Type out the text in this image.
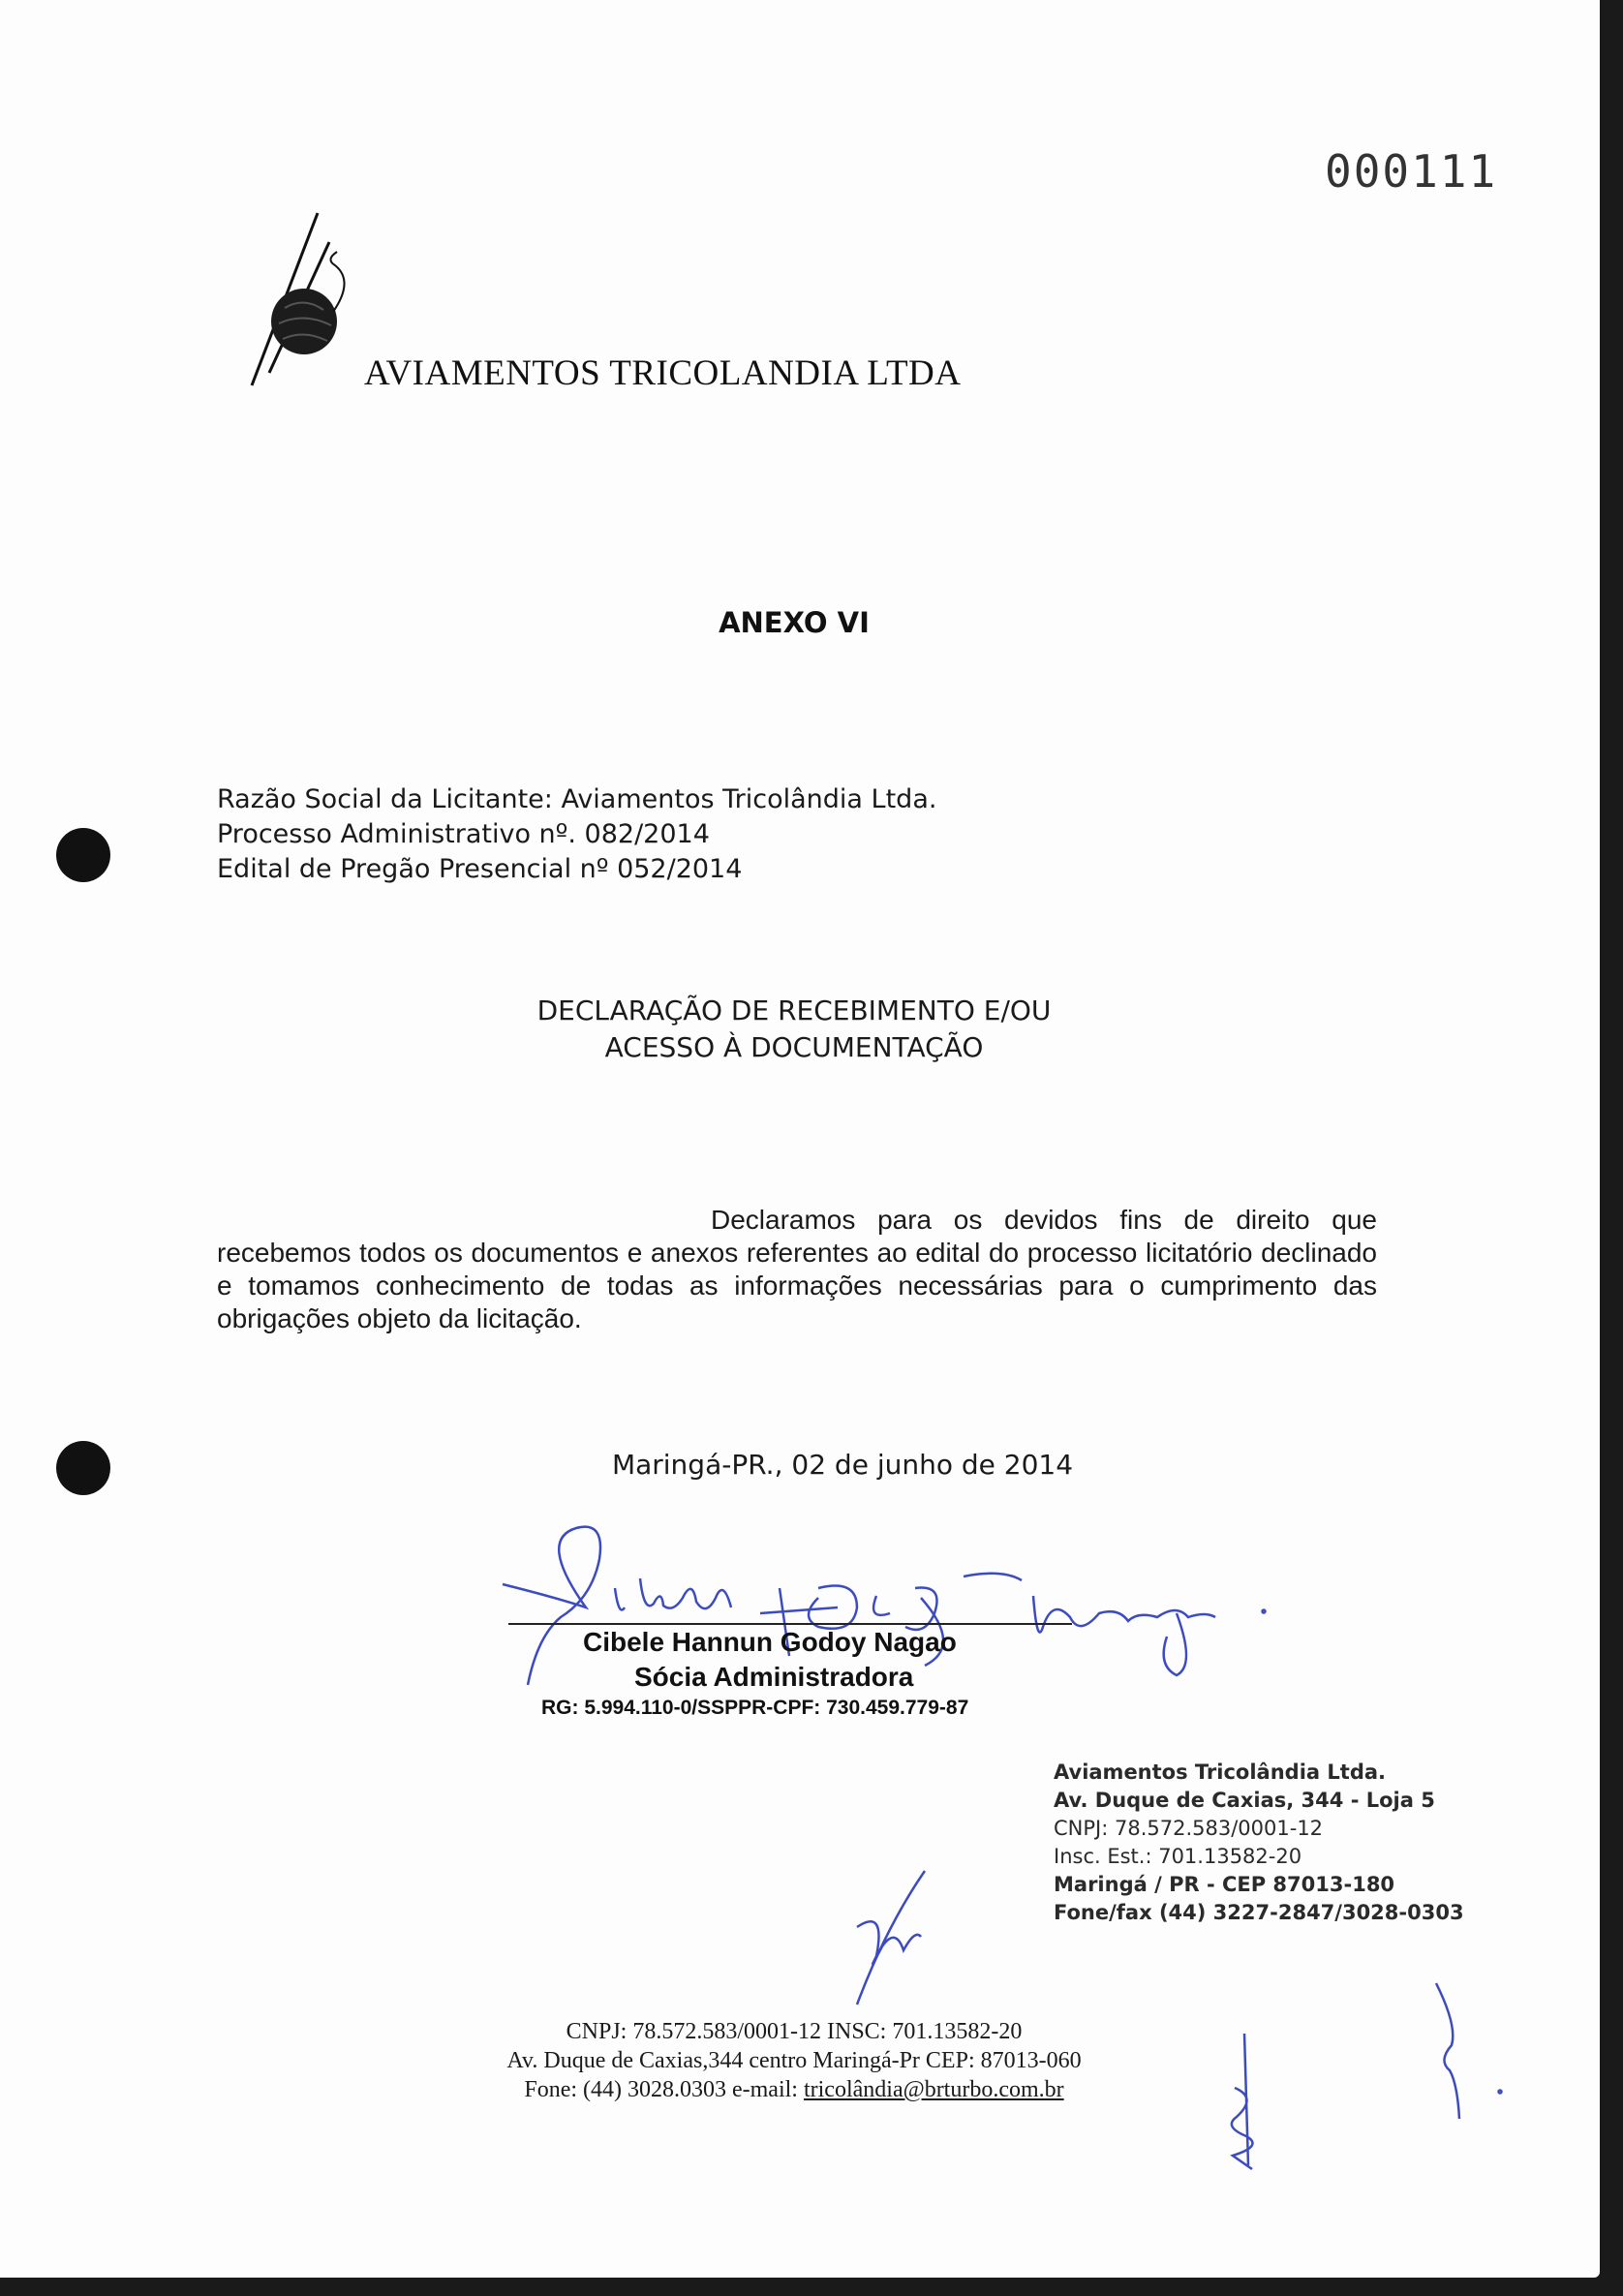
000111
AVIAMENTOS TRICOLANDIA LTDA
ANEXO VI
Razão Social da Licitante: Aviamentos Tricolândia Ltda.
Processo Administrativo nº. 082/2014
Edital de Pregão Presencial nº 052/2014
DECLARAÇÃO DE RECEBIMENTO E/OU
ACESSO À DOCUMENTAÇÃO
Declaramos para os devidos fins de direito que recebemos todos os documentos e anexos referentes ao edital do processo licitatório declinado e tomamos conhecimento de todas as informações necessárias para o cumprimento das obrigações objeto da licitação.
Maringá-PR., 02 de junho de 2014
Cibele Hannun Godoy Nagao
Sócia Administradora
RG: 5.994.110-0/SSPPR-CPF: 730.459.779-87
Aviamentos Tricolândia Ltda.
Av. Duque de Caxias, 344 - Loja 5
CNPJ: 78.572.583/0001-12
Insc. Est.: 701.13582-20
Maringá / PR - CEP 87013-180
Fone/fax (44) 3227-2847/3028-0303
CNPJ: 78.572.583/0001-12 INSC: 701.13582-20
Av. Duque de Caxias,344 centro Maringá-Pr CEP: 87013-060
Fone: (44) 3028.0303 e-mail: tricolândia@brturbo.com.br
